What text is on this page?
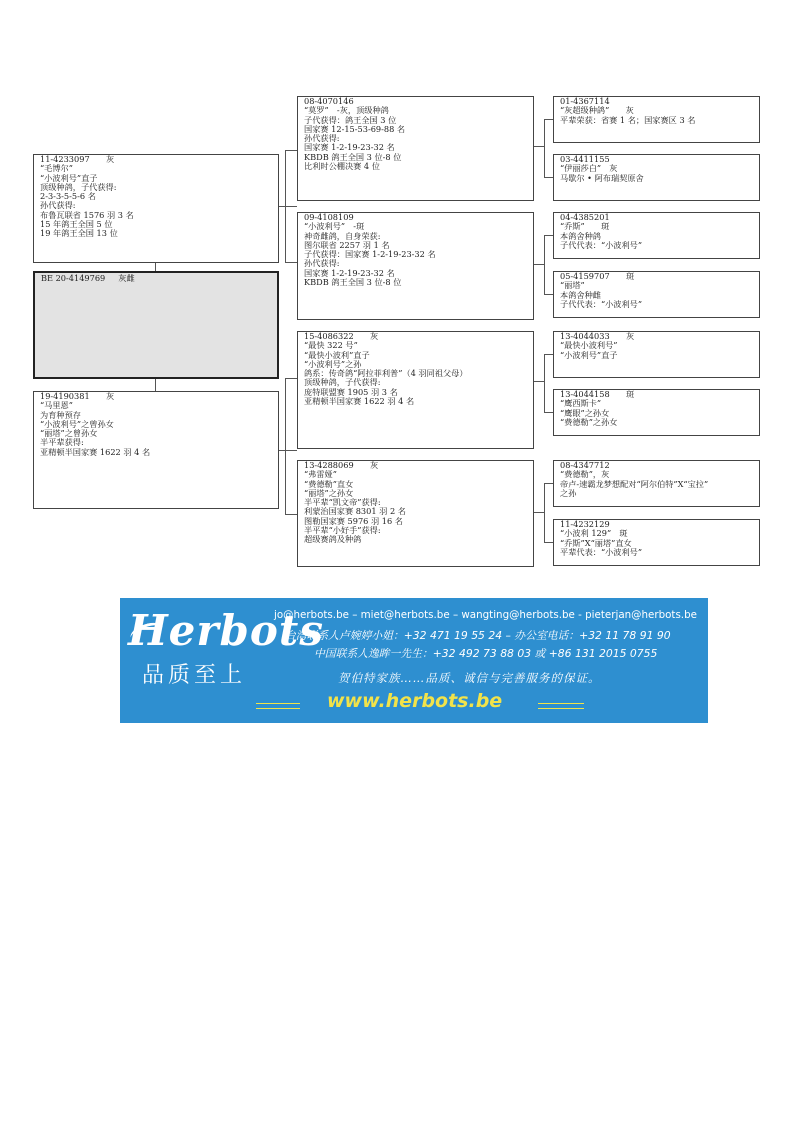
11-4233097　　灰
“毛博尔”
“小波利号”直子
顶级种鸽，子代获得:
2-3-3-5-5-6 名
孙代获得:
布鲁瓦联省 1576 羽 3 名
15 年鸽王全国 5 位
19 年鸽王全国 13 位
BE 20-4149769 灰雌
19-4190381　　灰
“马里恩”
为育种预存
“小波利号”之曾孙女
“丽塔”之曾孙女
半平辈获得:
亚精顿半国家赛 1622 羽 4 名
08-4070146
“莫罗”　-灰，顶级种鸽
子代获得：鸽王全国 3 位
国家赛 12-15-53-69-88 名
孙代获得:
国家赛 1-2-19-23-32 名
KBDB 鸽王全国 3 位-8 位
比利时公棚决赛 4 位
09-4108109
“小波利号”　-斑
神奇雌鸽，自身荣获:
图尔联省 2257 羽 1 名
子代获得：国家赛 1-2-19-23-32 名
孙代获得:
国家赛 1-2-19-23-32 名
KBDB 鸽王全国 3 位-8 位
15-4086322　　灰
“最快 322 号”
“最快小波利”直子
“小波利号”之孙
鸽系：传奇鸽“阿拉菲利普”（4 羽同祖父母）
顶级种鸽，子代获得:
庞特联盟赛 1905 羽 3 名
亚精顿半国家赛 1622 羽 4 名
13-4288069　　灰
“弗雷娅”
“费德勒”直女
“丽塔”之孙女
半平辈“凯文帝”获得:
利蒙治国家赛 8301 羽 2 名
图勒国家赛 5976 羽 16 名
半平辈“小好手”获得:
超级赛鸽及种鸽
01-4367114
“灰超级种鸽”　　灰
平辈荣获：省赛 1 名；国家赛区 3 名
03-4411155
“伊丽莎白”　灰
马歇尔 • 阿布瑞契原舍
04-4385201
“乔斯”　　斑
本鸽舍种鸽
子代代表：“小波利号”
05-4159707　　斑
“丽塔”
本鸽舍种雌
子代代表：“小波利号”
13-4044033　　灰
“最快小波利号”
“小波利号”直子
13-4044158　　斑
“鹰西斯卡”
“鹰眼”之孙女
“费德勒”之孙女
08-4347712
“费德勒”，灰
帝卢-速霸龙梦想配对“阿尔伯特”X“宝拉”
之孙
11-4232129
“小波利 129”　斑
“乔斯”X“丽塔”直女
平辈代表：“小波利号”
Herbots
品质至上
jo@herbots.be – miet@herbots.be – wangting@herbots.be - pieterjan@herbots.be
台湾联系人卢婉婷小姐：+32 471 19 55 24 – 办公室电话：+32 11 78 91 90
中国联系人逸眸一先生：+32 492 73 88 03 或 +86 131 2015 0755
贺伯特家族……品质、诚信与完善服务的保证。
www.herbots.be
